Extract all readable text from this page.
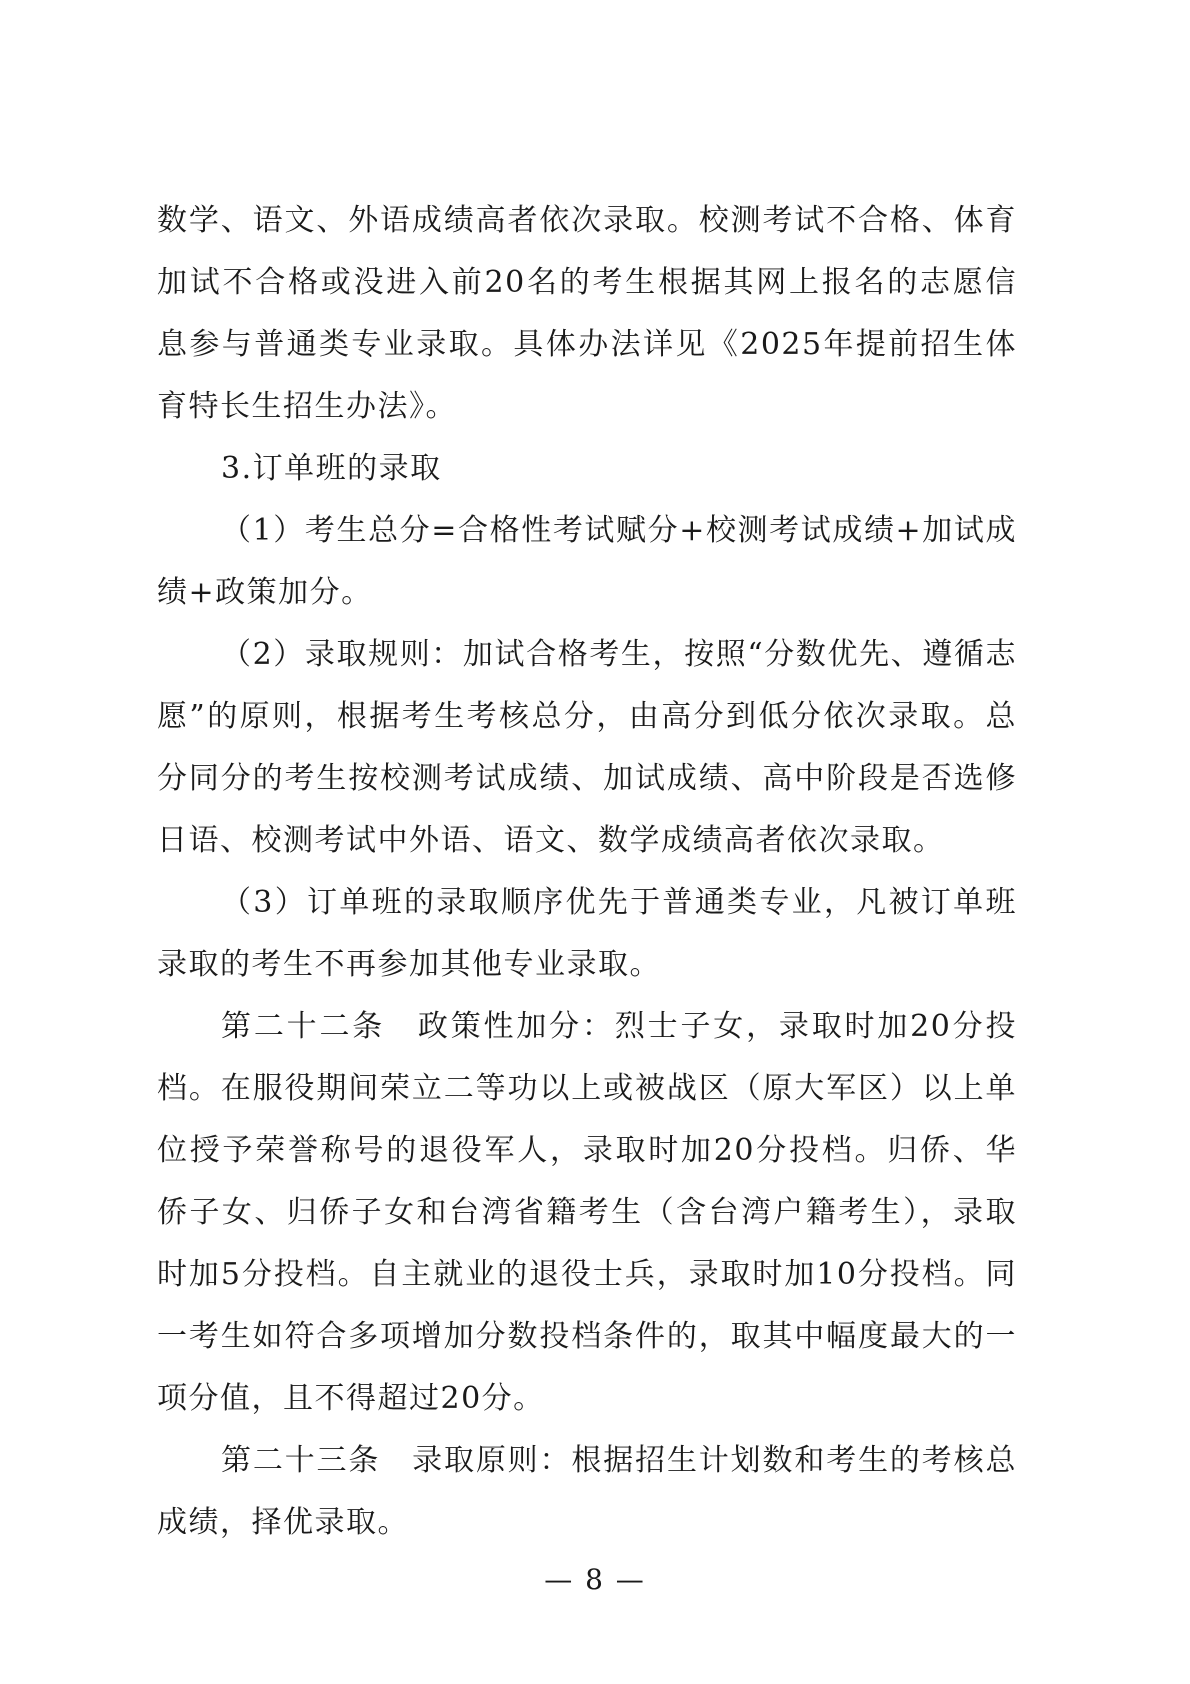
数学、语文、外语成绩高者依次录取。校测考试不合格、体育加试不合格或没进入前20名的考生根据其网上报名的志愿信息参与普通类专业录取。具体办法详见《2025年提前招生体育特长生招生办法》。

3.订单班的录取

（1）考生总分=合格性考试赋分+校测考试成绩+加试成绩+政策加分。

（2）录取规则：加试合格考生，按照“分数优先、遵循志愿”的原则，根据考生考核总分，由高分到低分依次录取。总分同分的考生按校测考试成绩、加试成绩、高中阶段是否选修日语、校测考试中外语、语文、数学成绩高者依次录取。

（3）订单班的录取顺序优先于普通类专业，凡被订单班录取的考生不再参加其他专业录取。

第二十二条　政策性加分：烈士子女，录取时加20分投档。在服役期间荣立二等功以上或被战区（原大军区）以上单位授予荣誉称号的退役军人，录取时加20分投档。归侨、华侨子女、归侨子女和台湾省籍考生（含台湾户籍考生），录取时加5分投档。自主就业的退役士兵，录取时加10分投档。同一考生如符合多项增加分数投档条件的，取其中幅度最大的一项分值，且不得超过20分。

第二十三条　录取原则：根据招生计划数和考生的考核总成绩，择优录取。

— 8 —
